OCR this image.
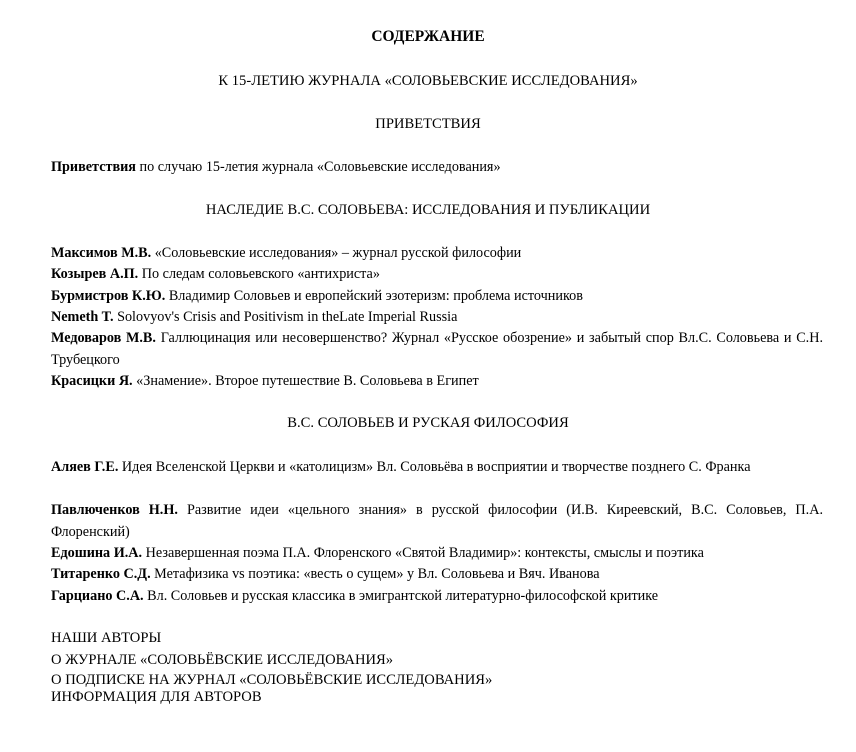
СОДЕРЖАНИЕ
К 15-ЛЕТИЮ ЖУРНАЛА «СОЛОВЬЕВСКИЕ ИССЛЕДОВАНИЯ»
ПРИВЕТСТВИЯ
Приветствия по случаю 15-летия журнала «Соловьевские исследования»
НАСЛЕДИЕ В.С. СОЛОВЬЕВА: ИССЛЕДОВАНИЯ И ПУБЛИКАЦИИ
Максимов М.В. «Соловьевские исследования» – журнал русской философии
Козырев А.П. По следам соловьевского «антихриста»
Бурмистров К.Ю. Владимир Соловьев и европейский эзотеризм: проблема источников
Nemeth T. Solovyov's Crisis and Positivism in theLate Imperial Russia
Медоваров М.В. Галлюцинация или несовершенство? Журнал «Русское обозрение» и забытый спор Вл.С. Соловьева и С.Н. Трубецкого
Красицки Я. «Знамение». Второе путешествие В. Соловьева в Египет
В.С. СОЛОВЬЕВ И РУСКАЯ ФИЛОСОФИЯ
Аляев Г.Е. Идея Вселенской Церкви и «католицизм» Вл. Соловьёва в восприятии и творчестве позднего С. Франка
Павлюченков Н.Н. Развитие идеи «цельного знания» в русской философии (И.В. Киреевский, В.С. Соловьев, П.А. Флоренский)
Едошина И.А. Незавершенная поэма П.А. Флоренского «Святой Владимир»: контексты, смыслы и поэтика
Титаренко С.Д. Метафизика vs поэтика: «весть о сущем» у Вл. Соловьева и Вяч. Иванова
Гарциано С.А. Вл. Соловьев и русская классика в эмигрантской литературно-философской критике
НАШИ АВТОРЫ
О ЖУРНАЛЕ «СОЛОВЬЁВСКИЕ ИССЛЕДОВАНИЯ»
О ПОДПИСКЕ НА ЖУРНАЛ «СОЛОВЬЁВСКИЕ ИССЛЕДОВАНИЯ»
ИНФОРМАЦИЯ ДЛЯ АВТОРОВ
